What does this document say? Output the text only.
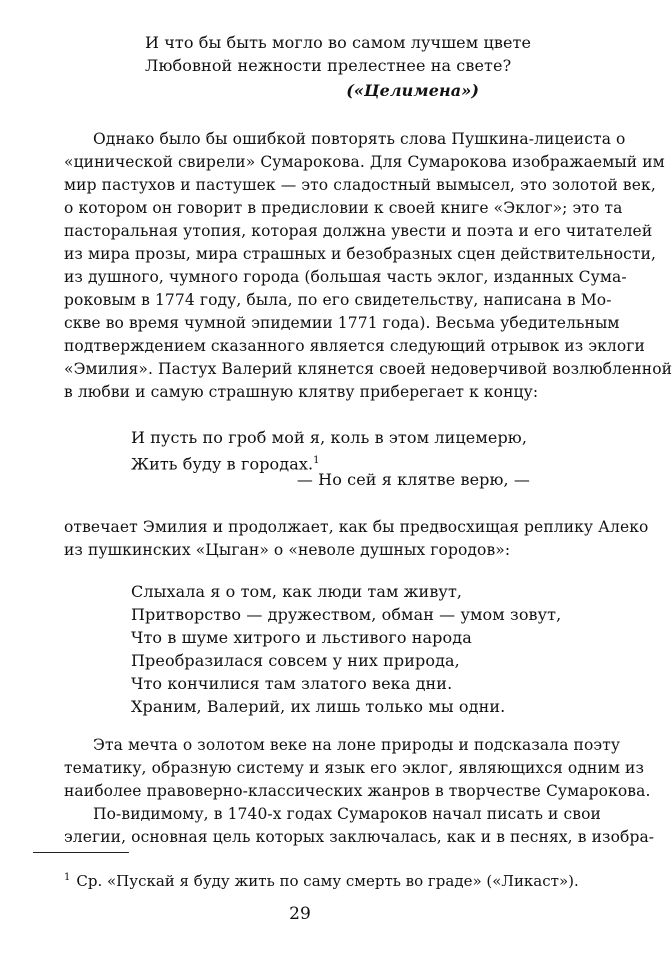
И что бы быть могло во самом лучшем цвете
Любовной нежности прелестнее на свете?
(«Целимена»)
Однако было бы ошибкой повторять слова Пушкина-лицеиста о
«цинической свирели» Сумарокова. Для Сумарокова изображаемый им
мир пастухов и пастушек — это сладостный вымысел, это золотой век,
о котором он говорит в предисловии к своей книге «Эклог»; это та
пасторальная утопия, которая должна увести и поэта и его читателей
из мира прозы, мира страшных и безобразных сцен действительности,
из душного, чумного города (большая часть эклог, изданных Сума-
роковым в 1774 году, была, по его свидетельству, написана в Мо-
скве во время чумной эпидемии 1771 года). Весьма убедительным
подтверждением сказанного является следующий отрывок из эклоги
«Эмилия». Пастух Валерий клянется своей недоверчивой возлюбленной
в любви и самую страшную клятву приберегает к концу:
И пусть по гроб мой я, коль в этом лицемерю,
Жить буду в городах.$^1$
— Но сей я клятве верю, —
отвечает Эмилия и продолжает, как бы предвосхищая реплику Алеко
из пушкинских «Цыган» о «неволе душных городов»:
Слыхала я о том, как люди там живут,
Притворство — дружеством, обман — умом зовут,
Что в шуме хитрого и льстивого народа
Преобразилася совсем у них природа,
Что кончилися там златого века дни.
Храним, Валерий, их лишь только мы одни.
Эта мечта о золотом веке на лоне природы и подсказала поэту
тематику, образную систему и язык его эклог, являющихся одним из
наиболее правоверно-классических жанров в творчестве Сумарокова.
По-видимому, в 1740-х годах Сумароков начал писать и свои
элегии, основная цель которых заключалась, как и в песнях, в изобра-
$^1$ Ср. «Пускай я буду жить по саму смерть во граде» («Ликаст»).
29
